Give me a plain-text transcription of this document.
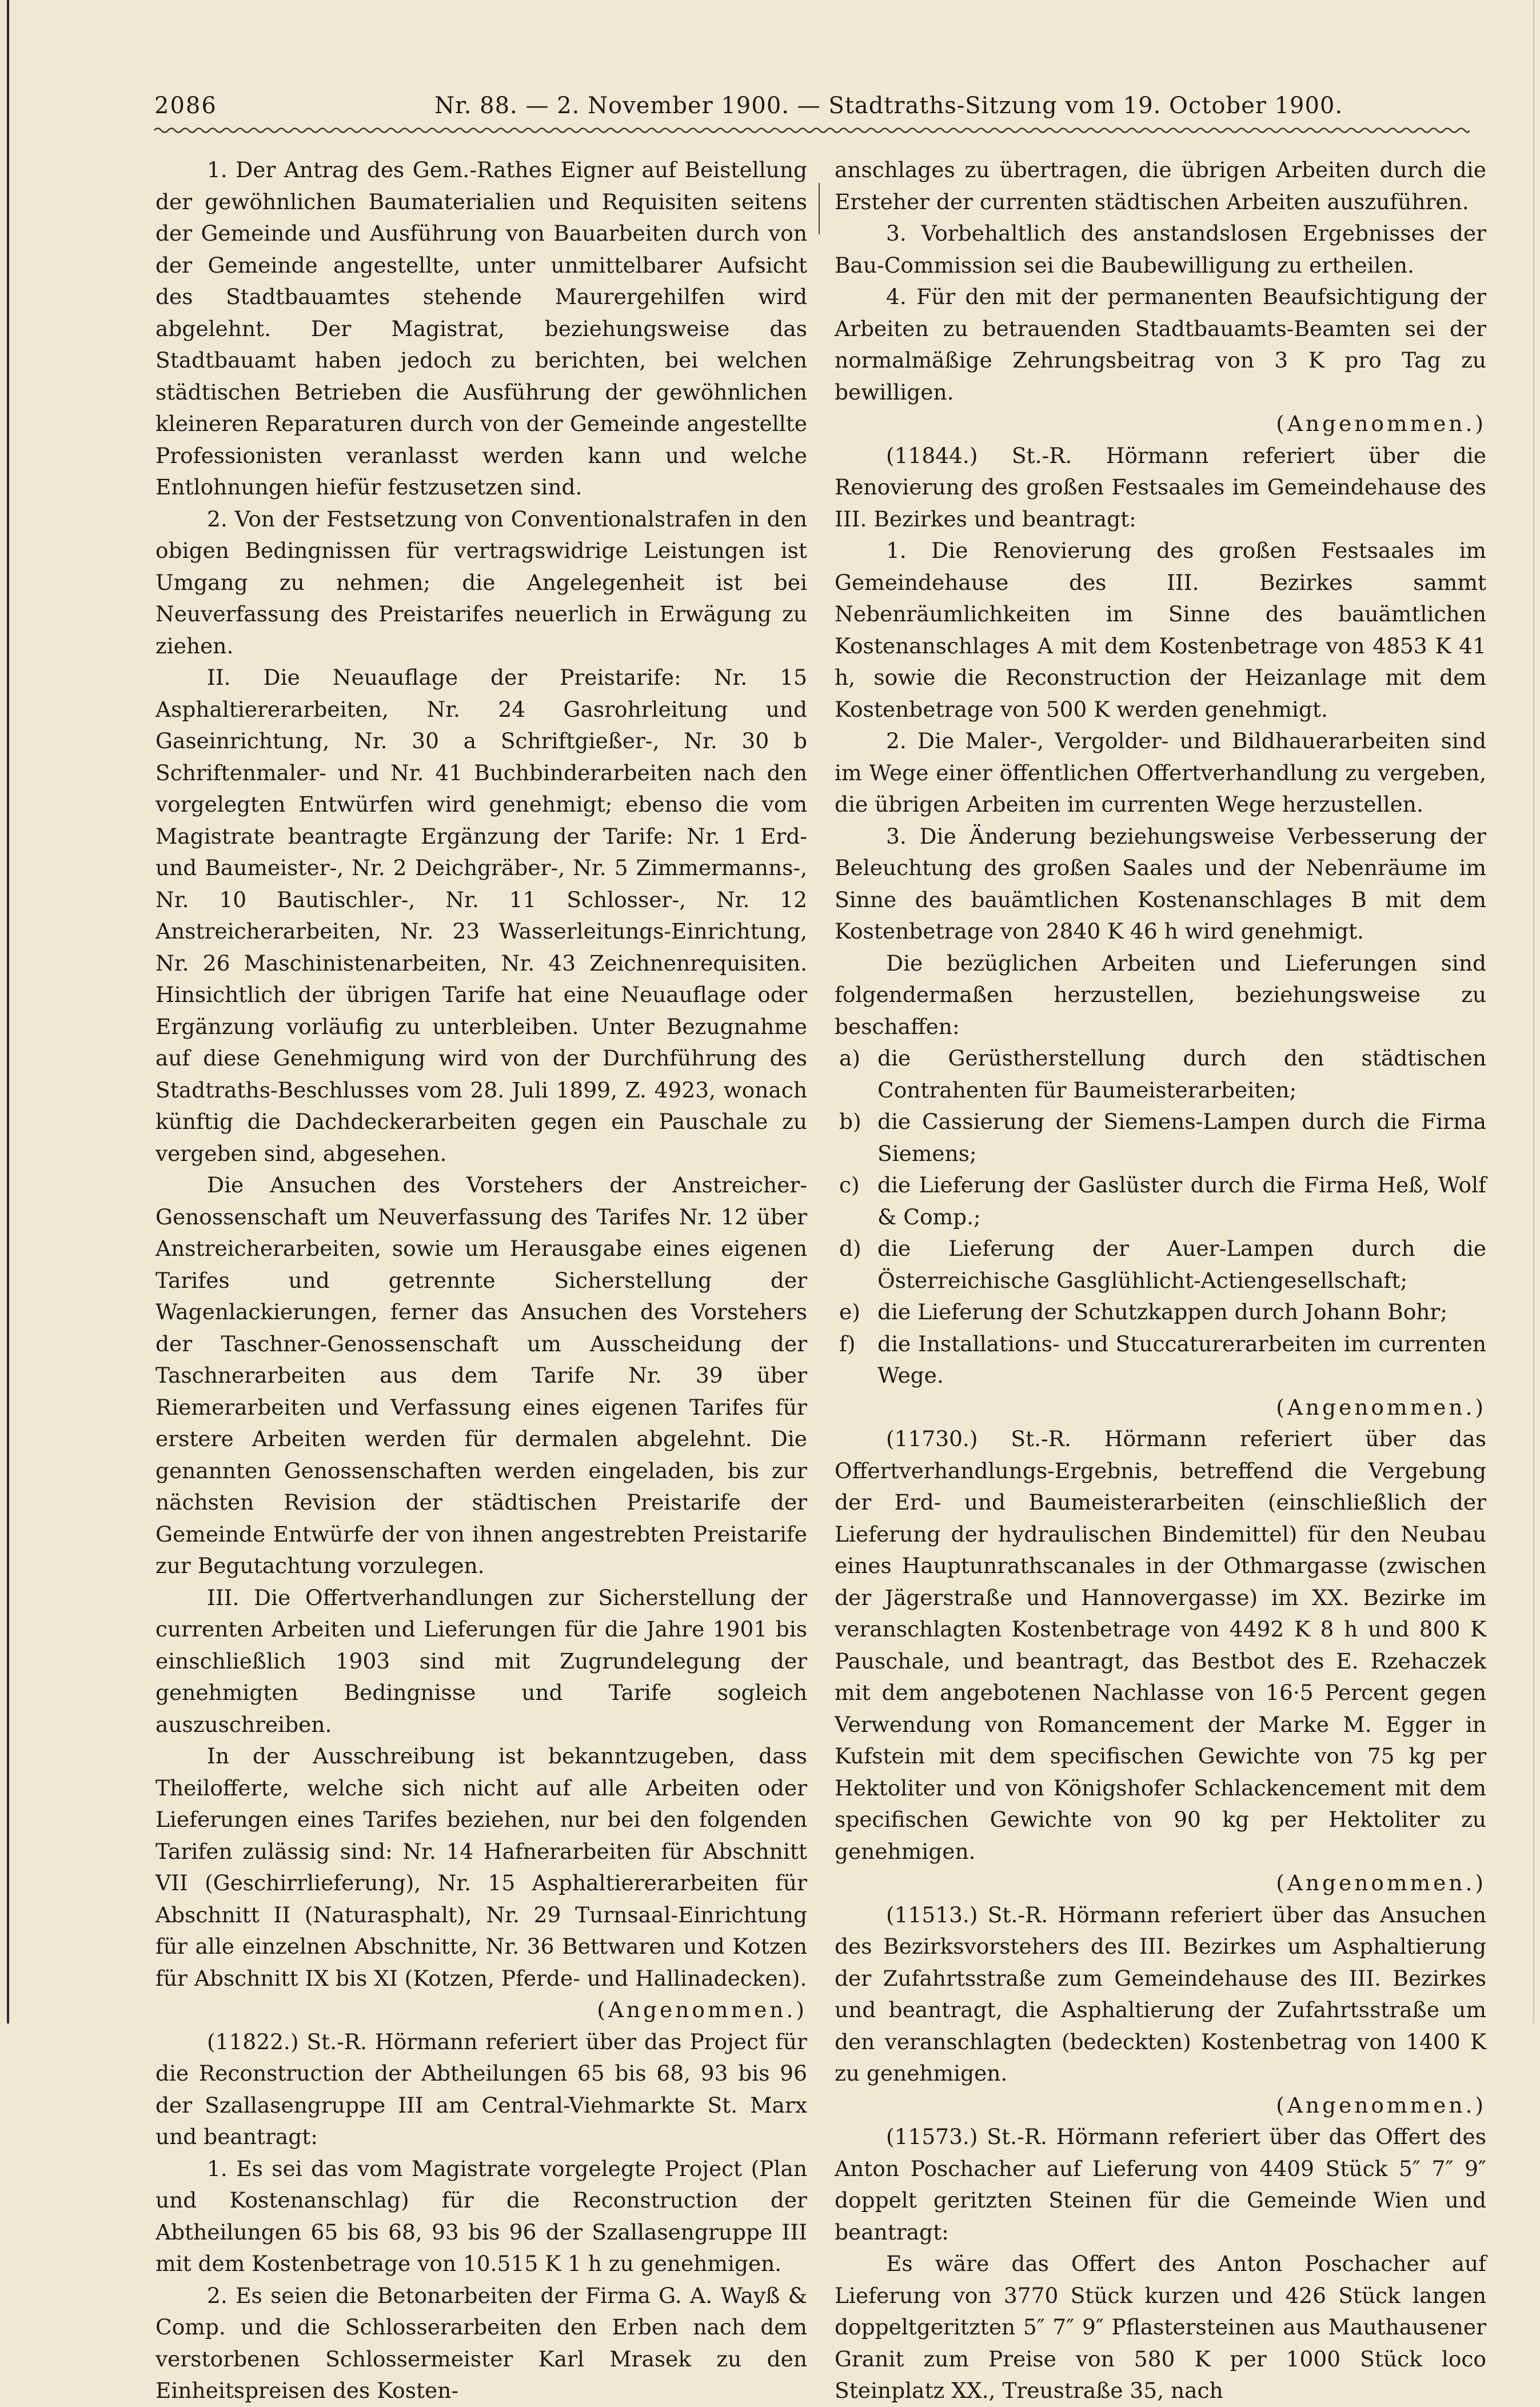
2086	Nr. 88. — 2. November 1900. — Stadtraths-Sitzung vom 19. October 1900.

1. Der Antrag des Gem.-Rathes Eigner auf Beistellung der gewöhnlichen Baumaterialien und Requisiten seitens der Gemeinde und Ausführung von Bauarbeiten durch von der Gemeinde angestellte, unter unmittelbarer Aufsicht des Stadtbauamtes stehende Maurergehilfen wird abgelehnt. Der Magistrat, beziehungsweise das Stadtbauamt haben jedoch zu berichten, bei welchen städtischen Betrieben die Ausführung der gewöhnlichen kleineren Reparaturen durch von der Gemeinde angestellte Professionisten veranlasst werden kann und welche Entlohnungen hiefür festzusetzen sind.

2. Von der Festsetzung von Conventionalstrafen in den obigen Bedingnissen für vertragswidrige Leistungen ist Umgang zu nehmen; die Angelegenheit ist bei Neuverfassung des Preistarifes neuerlich in Erwägung zu ziehen.

II. Die Neuauflage der Preistarife: Nr. 15 Asphaltiererarbeiten, Nr. 24 Gasrohrleitung und Gaseinrichtung, Nr. 30 a Schriftgießer-, Nr. 30 b Schriftenmaler- und Nr. 41 Buchbinderarbeiten nach den vorgelegten Entwürfen wird genehmigt; ebenso die vom Magistrate beantragte Ergänzung der Tarife: Nr. 1 Erd- und Baumeister-, Nr. 2 Deichgräber-, Nr. 5 Zimmermanns-, Nr. 10 Bautischler-, Nr. 11 Schlosser-, Nr. 12 Anstreicherarbeiten, Nr. 23 Wasserleitungs-Einrichtung, Nr. 26 Maschinistenarbeiten, Nr. 43 Zeichnenrequisiten. Hinsichtlich der übrigen Tarife hat eine Neuauflage oder Ergänzung vorläufig zu unterbleiben. Unter Bezugnahme auf diese Genehmigung wird von der Durchführung des Stadtraths-Beschlusses vom 28. Juli 1899, Z. 4923, wonach künftig die Dachdeckerarbeiten gegen ein Pauschale zu vergeben sind, abgesehen.

Die Ansuchen des Vorstehers der Anstreicher-Genossenschaft um Neuverfassung des Tarifes Nr. 12 über Anstreicherarbeiten, sowie um Herausgabe eines eigenen Tarifes und getrennte Sicherstellung der Wagenlackierungen, ferner das Ansuchen des Vorstehers der Taschner-Genossenschaft um Ausscheidung der Taschnerarbeiten aus dem Tarife Nr. 39 über Riemerarbeiten und Verfassung eines eigenen Tarifes für erstere Arbeiten werden für dermalen abgelehnt. Die genannten Genossenschaften werden eingeladen, bis zur nächsten Revision der städtischen Preistarife der Gemeinde Entwürfe der von ihnen angestrebten Preistarife zur Begutachtung vorzulegen.

III. Die Offertverhandlungen zur Sicherstellung der currenten Arbeiten und Lieferungen für die Jahre 1901 bis einschließlich 1903 sind mit Zugrundelegung der genehmigten Bedingnisse und Tarife sogleich auszuschreiben.

In der Ausschreibung ist bekanntzugeben, dass Theilofferte, welche sich nicht auf alle Arbeiten oder Lieferungen eines Tarifes beziehen, nur bei den folgenden Tarifen zulässig sind: Nr. 14 Hafnerarbeiten für Abschnitt VII (Geschirrlieferung), Nr. 15 Asphaltiererarbeiten für Abschnitt II (Naturasphalt), Nr. 29 Turnsaal-Einrichtung für alle einzelnen Abschnitte, Nr. 36 Bettwaren und Kotzen für Abschnitt IX bis XI (Kotzen, Pferde- und Hallinadecken).

(Angenommen.)

(11822.) St.-R. Hörmann referiert über das Project für die Reconstruction der Abtheilungen 65 bis 68, 93 bis 96 der Szallasengruppe III am Central-Viehmarkte St. Marx und beantragt:

1. Es sei das vom Magistrate vorgelegte Project (Plan und Kostenanschlag) für die Reconstruction der Abtheilungen 65 bis 68, 93 bis 96 der Szallasengruppe III mit dem Kostenbetrage von 10.515 K 1 h zu genehmigen.

2. Es seien die Betonarbeiten der Firma G. A. Wayß & Comp. und die Schlosserarbeiten den Erben nach dem verstorbenen Schlossermeister Karl Mrasek zu den Einheitspreisen des Kosten-

anschlages zu übertragen, die übrigen Arbeiten durch die Ersteher der currenten städtischen Arbeiten auszuführen.

3. Vorbehaltlich des anstandslosen Ergebnisses der Bau-Commission sei die Baubewilligung zu ertheilen.

4. Für den mit der permanenten Beaufsichtigung der Arbeiten zu betrauenden Stadtbauamts-Beamten sei der normalmäßige Zehrungsbeitrag von 3 K pro Tag zu bewilligen.

(Angenommen.)

(11844.) St.-R. Hörmann referiert über die Renovierung des großen Festsaales im Gemeindehause des III. Bezirkes und beantragt:

1. Die Renovierung des großen Festsaales im Gemeindehause des III. Bezirkes sammt Nebenräumlichkeiten im Sinne des bauämtlichen Kostenanschlages A mit dem Kostenbetrage von 4853 K 41 h, sowie die Reconstruction der Heizanlage mit dem Kostenbetrage von 500 K werden genehmigt.

2. Die Maler-, Vergolder- und Bildhauerarbeiten sind im Wege einer öffentlichen Offertverhandlung zu vergeben, die übrigen Arbeiten im currenten Wege herzustellen.

3. Die Änderung beziehungsweise Verbesserung der Beleuchtung des großen Saales und der Nebenräume im Sinne des bauämtlichen Kostenanschlages B mit dem Kostenbetrage von 2840 K 46 h wird genehmigt.

Die bezüglichen Arbeiten und Lieferungen sind folgendermaßen herzustellen, beziehungsweise zu beschaffen:

a) die Gerüstherstellung durch den städtischen Contrahenten für Baumeisterarbeiten;

b) die Cassierung der Siemens-Lampen durch die Firma Siemens;

c) die Lieferung der Gaslüster durch die Firma Heß, Wolf & Comp.;

d) die Lieferung der Auer-Lampen durch die Österreichische Gasglühlicht-Actiengesellschaft;

e) die Lieferung der Schutzkappen durch Johann Bohr;

f) die Installations- und Stuccaturerarbeiten im currenten Wege.

(Angenommen.)

(11730.) St.-R. Hörmann referiert über das Offertverhandlungs-Ergebnis, betreffend die Vergebung der Erd- und Baumeisterarbeiten (einschließlich der Lieferung der hydraulischen Bindemittel) für den Neubau eines Hauptunrathscanales in der Othmargasse (zwischen der Jägerstraße und Hannovergasse) im XX. Bezirke im veranschlagten Kostenbetrage von 4492 K 8 h und 800 K Pauschale, und beantragt, das Bestbot des E. Rzehaczek mit dem angebotenen Nachlasse von 16·5 Percent gegen Verwendung von Romancement der Marke M. Egger in Kufstein mit dem specifischen Gewichte von 75 kg per Hektoliter und von Königshofer Schlackencement mit dem specifischen Gewichte von 90 kg per Hektoliter zu genehmigen.

(Angenommen.)

(11513.) St.-R. Hörmann referiert über das Ansuchen des Bezirksvorstehers des III. Bezirkes um Asphaltierung der Zufahrtsstraße zum Gemeindehause des III. Bezirkes und beantragt, die Asphaltierung der Zufahrtsstraße um den veranschlagten (bedeckten) Kostenbetrag von 1400 K zu genehmigen.

(Angenommen.)

(11573.) St.-R. Hörmann referiert über das Offert des Anton Poschacher auf Lieferung von 4409 Stück 5″ 7″ 9″ doppelt geritzten Steinen für die Gemeinde Wien und beantragt:

Es wäre das Offert des Anton Poschacher auf Lieferung von 3770 Stück kurzen und 426 Stück langen doppeltgeritzten 5″ 7″ 9″ Pflastersteinen aus Mauthausener Granit zum Preise von 580 K per 1000 Stück loco Steinplatz XX., Treustraße 35, nach
